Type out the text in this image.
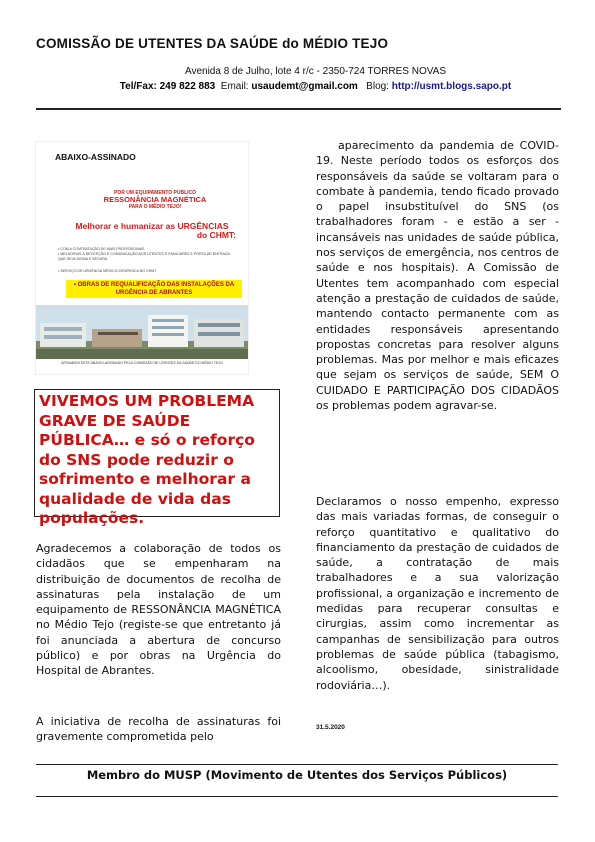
COMISSÃO DE UTENTES DA SAÚDE do MÉDIO TEJO
Avenida 8 de Julho, lote 4 r/c - 2350-724 TORRES NOVAS
Tel/Fax: 249 822 883 Email: usaudemt@gmail.com Blog: http://usmt.blogs.sapo.pt
ABAIXO-ASSINADO
POR UM EQUIPAMENTO PÚBLICO
RESSONÂNCIA MAGNÉTICA
PARA O MÉDIO TEJO!
Melhorar e humanizar as URGÊNCIAS
do CHMT:
• COM A CONTRATAÇÃO DE MAIS PROFISSIONAIS
• MELHORIAS À RECEPÇÃO E COMUNICAÇÃO AOS UTENTES E FAMILIARES E PORTA DE ENTRADA QUE SEJA DIGNA E SEGURA
• SERVIÇO DE URGÊNCIA MÉDICO-CIRÚRGICA NO CHMT
• OBRAS DE REQUALIFICAÇÃO DAS INSTALAÇÕES DA URGÊNCIA DE ABRANTES
APOIAMOS ESTE ABAIXO-ASSINADO PELA COMISSÃO DE UTENTES DA SAÚDE DO MÉDIO TEJO
VIVEMOS UM PROBLEMA GRAVE DE SAÚDE PÚBLICA… e só o reforço do SNS pode reduzir o sofrimento e melhorar a qualidade de vida das populações.
Agradecemos a colaboração de todos os cidadãos que se empenharam na distribuição de documentos de recolha de assinaturas pela instalação de um equipamento de RESSONÂNCIA MAGNÉTICA no Médio Tejo (registe-se que entretanto já foi anunciada a abertura de concurso público) e por obras na Urgência do Hospital de Abrantes.
A iniciativa de recolha de assinaturas foi gravemente comprometida pelo
aparecimento da pandemia de COVID-19. Neste período todos os esforços dos responsáveis da saúde se voltaram para o combate à pandemia, tendo ficado provado o papel insubstituível do SNS (os trabalhadores foram - e estão a ser - incansáveis nas unidades de saúde pública, nos serviços de emergência, nos centros de saúde e nos hospitais). A Comissão de Utentes tem acompanhado com especial atenção a prestação de cuidados de saúde, mantendo contacto permanente com as entidades responsáveis apresentando propostas concretas para resolver alguns problemas. Mas por melhor e mais eficazes que sejam os serviços de saúde, SEM O CUIDADO E PARTICIPAÇÃO DOS CIDADÃOS os problemas podem agravar-se.
Declaramos o nosso empenho, expresso das mais variadas formas, de conseguir o reforço quantitativo e qualitativo do financiamento da prestação de cuidados de saúde, a contratação de mais trabalhadores e a sua valorização profissional, a organização e incremento de medidas para recuperar consultas e cirurgias, assim como incrementar as campanhas de sensibilização para outros problemas de saúde pública (tabagismo, alcoolismo, obesidade, sinistralidade rodoviária…).
31.5.2020
Membro do MUSP (Movimento de Utentes dos Serviços Públicos)
